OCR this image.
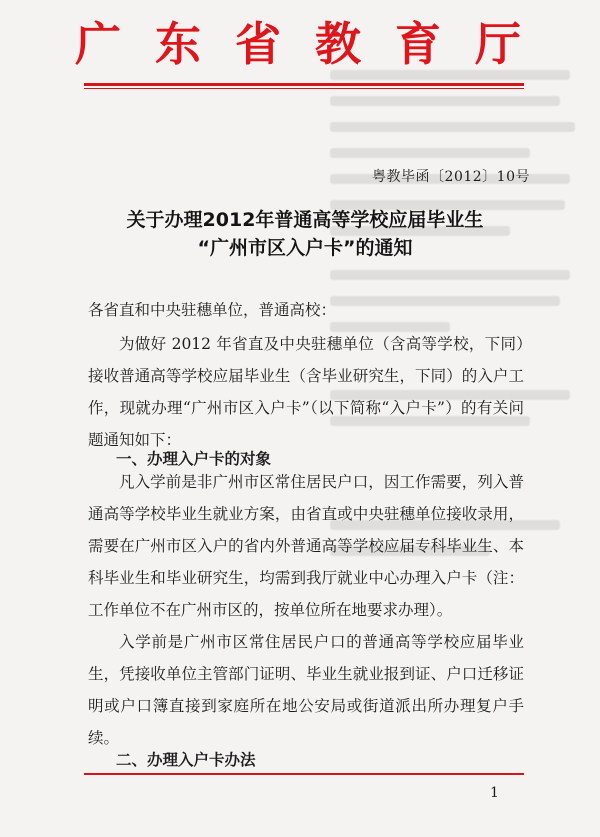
广东省教育厅
粤教毕函〔2012〕10号
关于办理2012年普通高等学校应届毕业生
“广州市区入户卡”的通知
各省直和中央驻穗单位，普通高校：
为做好 2012 年省直及中央驻穗单位（含高等学校，下同）接收普通高等学校应届毕业生（含毕业研究生，下同）的入户工作，现就办理“广州市区入户卡”（以下简称“入户卡”）的有关问题通知如下：
一、办理入户卡的对象
凡入学前是非广州市区常住居民户口，因工作需要，列入普通高等学校毕业生就业方案，由省直或中央驻穗单位接收录用，需要在广州市区入户的省内外普通高等学校应届专科毕业生、本科毕业生和毕业研究生，均需到我厅就业中心办理入户卡（注：工作单位不在广州市区的，按单位所在地要求办理）。
入学前是广州市区常住居民户口的普通高等学校应届毕业生，凭接收单位主管部门证明、毕业生就业报到证、户口迁移证明或户口簿直接到家庭所在地公安局或街道派出所办理复户手续。
二、办理入户卡办法
1
